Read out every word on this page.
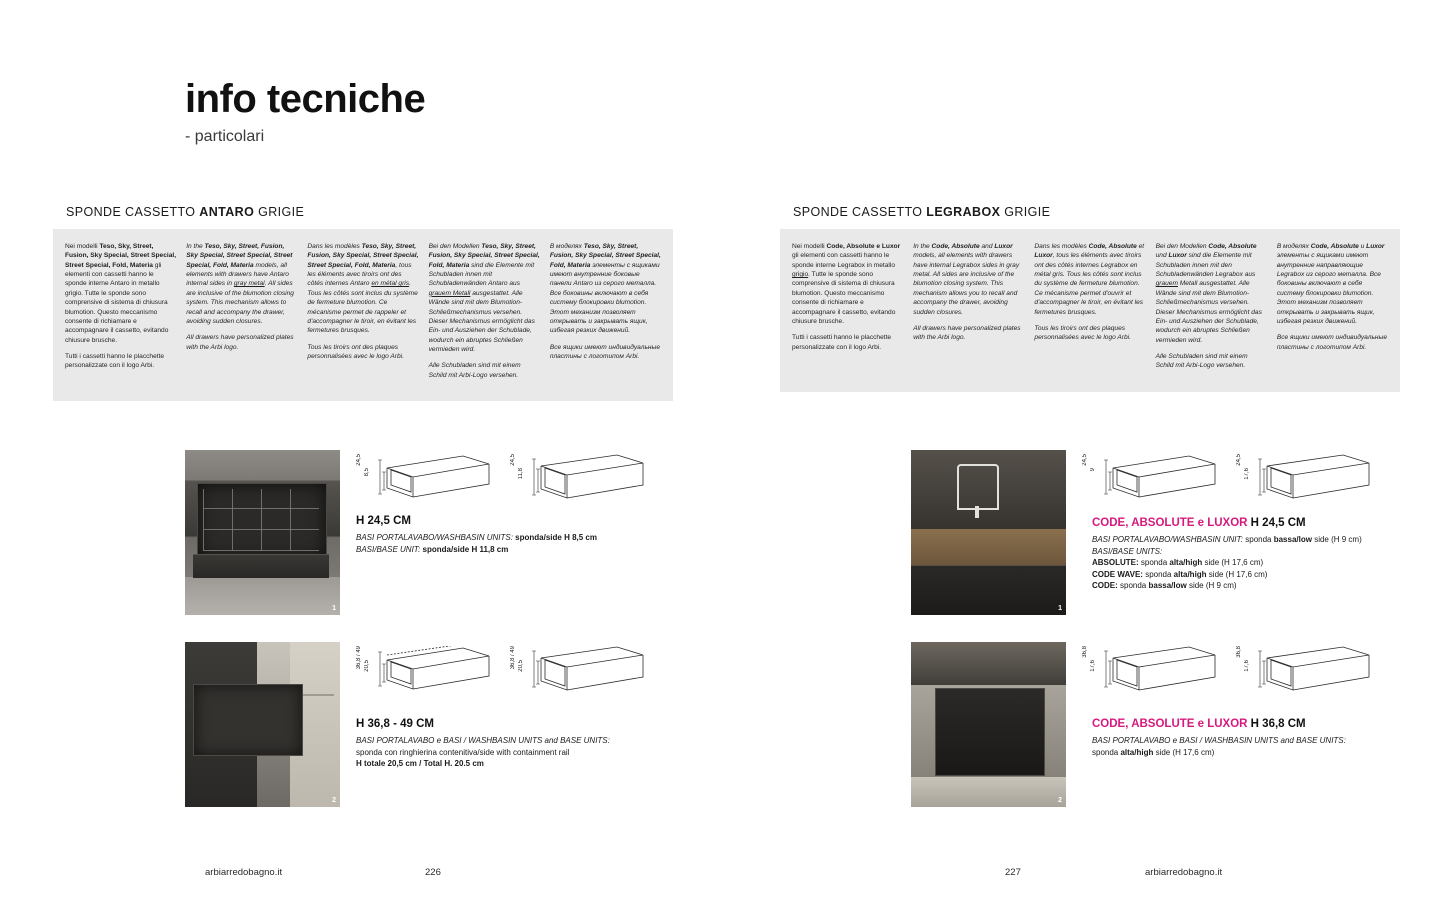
info tecniche
- particolari
SPONDE CASSETTO ANTARO GRIGIE

Nei modelli Teso, Sky, Street, Fusion, Sky Special, Street Special, Street Special, Fold, Materia gli elementi con cassetti hanno le sponde interne Antaro in metallo grigio. Tutte le sponde sono comprensive di sistema di chiusura blumotion. Questo meccanismo consente di richiamare e accompagnare il cassetto, evitando chiusure brusche.

Tutti i cassetti hanno le placchette personalizzate con il logo Arbi.

In the Teso, Sky, Street, Fusion, Sky Special, Street Special, Street Special, Fold, Materia models, all elements with drawers have Antaro internal sides in gray metal. All sides are inclusive of the blumotion closing system. This mechanism allows to recall and accompany the drawer, avoiding sudden closures.

All drawers have personalized plates with the Arbi logo.

Dans les modèles Teso, Sky, Street, Fusion, Sky Special, Street Special, Street Special, Fold, Materia, tous les éléments avec tiroirs ont des côtés internes Antaro en métal gris. Tous les côtés sont inclus du système de fermeture blumotion. Ce mécanisme permet de rappeler et d'accompagner le tiroir, en évitant les fermetures brusques.

Tous les tiroirs ont des plaques personnalisées avec le logo Arbi.

Bei den Modellen Teso, Sky, Street, Fusion, Sky Special, Street Special, Fold, Materia sind die Elemente mit Schubladen innen mit Schubladenwänden Antaro aus grauem Metall ausgestattet. Alle Wände sind mit dem Blumotion-Schließmechanismus versehen. Dieser Mechanismus ermöglicht das Ein- und Ausziehen der Schublade, wodurch ein abruptes Schließen vermieden wird.

Alle Schubladen sind mit einem Schild mit Arbi-Logo versehen.

В моделях Teso, Sky, Street, Fusion, Sky Special, Street Special, Fold, Materia элементы с ящиками имеют внутренние боковые панели Antaro из серого металла. Все боковины включают в себя систему блокировки blumotion. Этот механизм позволяет открывать и закрывать ящик, избегая резких движений.

Все ящики имеют индивидуальные пластины с логотипом Arbi.

1
24,5
8,5
24,5
11,8
H 24,5 CM

BASI PORTALAVABO/WASHBASIN UNITS: sponda/side H 8,5 cm

BASI/BASE UNIT: sponda/side H 11,8 cm

2
36,8 / 49 20,5	36,8 / 49 20,5
H 36,8 - 49 CM

BASI PORTALAVABO e BASI / WASHBASIN UNITS and BASE UNITS:

sponda con ringhierina contenitiva/side with containment rail

H totale 20,5 cm / Total H. 20.5 cm

SPONDE CASSETTO LEGRABOX GRIGIE

Nei modelli Code, Absolute e Luxor gli elementi con cassetti hanno le sponde interne Legrabox in metallo grigio. Tutte le sponde sono comprensive di sistema di chiusura blumotion. Questo meccanismo consente di richiamare e accompagnare il cassetto, evitando chiusure brusche.

Tutti i cassetti hanno le placchette personalizzate con il logo Arbi.

In the Code, Absolute and Luxor models, all elements with drawers have internal Legrabox sides in gray metal. All sides are inclusive of the blumotion closing system. This mechanism allows you to recall and accompany the drawer, avoiding sudden closures.

All drawers have personalized plates with the Arbi logo.

Dans les modèles Code, Absolute et Luxor, tous les éléments avec tiroirs ont des côtés internes Legrabox en métal gris. Tous les côtés sont inclus du système de fermeture blumotion. Ce mécanisme permet d'ouvrir et d'accompagner le tiroir, en évitant les fermetures brusques.

Tous les tiroirs ont des plaques personnalisées avec le logo Arbi.

Bei den Modellen Code, Absolute und Luxor sind die Elemente mit Schubladen innen mit den Schubladenwänden Legrabox aus grauem Metall ausgestattet. Alle Wände sind mit dem Blumotion-Schließmechanismus versehen. Dieser Mechanismus ermöglicht das Ein- und Ausziehen der Schublade, wodurch ein abruptes Schließen vermieden wird.

Alle Schubladen sind mit einem Schild mit Arbi-Logo versehen.

В моделях Code, Absolute и Luxor элементы с ящиками имеют внутренние направляющие Legrabox из серого металла. Все боковины включают в себя систему блокировки blumotion. Этот механизм позволяет открывать и закрывать ящик, избегая резких движений.

Все ящики имеют индивидуальные пластины с логотипом Arbi.

1
24,5
9
24,5
17,6
CODE, ABSOLUTE e LUXOR H 24,5 CM

BASI PORTALAVABO/WASHBASIN UNIT: sponda bassa/low side (H 9 cm)

BASI/BASE UNITS:

ABSOLUTE: sponda alta/high side (H 17,6 cm)

CODE WAVE: sponda alta/high side (H 17,6 cm)

CODE: sponda bassa/low side (H 9 cm)

2
36,8
17,6
36,8
17,6
CODE, ABSOLUTE e LUXOR H 36,8 CM

BASI PORTALAVABO e BASI / WASHBASIN UNITS and BASE UNITS:

sponda alta/high side (H 17,6 cm)

arbiarredobagno.it	226	227	arbiarredobagno.it
